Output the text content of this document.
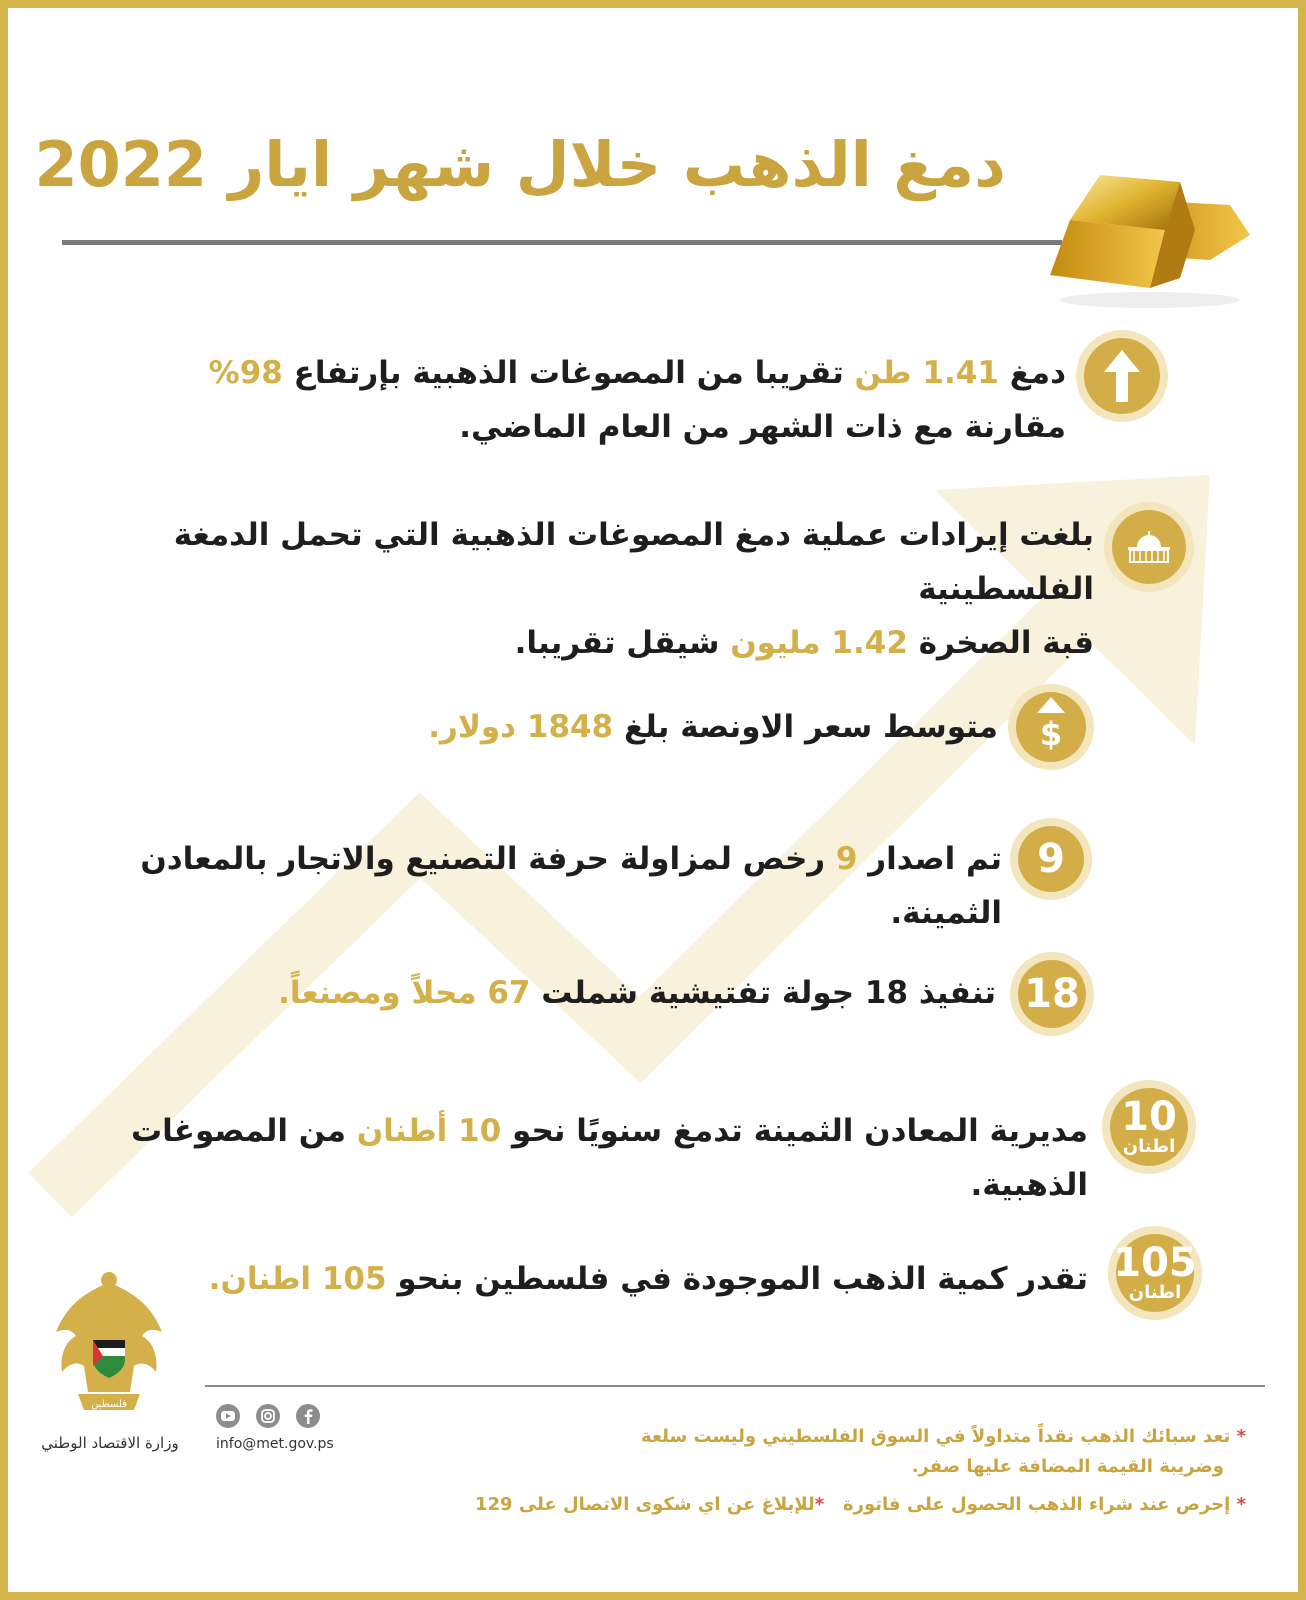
دمغ الذهب خلال شهر ايار 2022
دمغ 1.41 طن تقريبا من المصوغات الذهبية بإرتفاع 98%
مقارنة مع ذات الشهر من العام الماضي.
بلغت إيرادات عملية دمغ المصوغات الذهبية التي تحمل الدمغة الفلسطينية
قبة الصخرة 1.42 مليون شيقل تقريبا.
$
متوسط سعر الاونصة بلغ 1848 دولار.
9
تم اصدار 9 رخص لمزاولة حرفة التصنيع والاتجار بالمعادن الثمينة.
18
تنفيذ 18 جولة تفتيشية شملت 67 محلاً ومصنعاً.
10
اطنان
مديرية المعادن الثمينة تدمغ سنويًا نحو 10 أطنان من المصوغات الذهبية.
105
اطنان
تقدر كمية الذهب الموجودة في فلسطين بنحو 105 اطنان.
فلسطين
وزارة الاقتصاد الوطني	info@met.gov.ps	* تعد سبائك الذهب نقداً متداولاً في السوق الفلسطيني وليست سلعة
وضريبة القيمة المضافة عليها صفر.
* إحرص عند شراء الذهب الحصول على فاتورة   *للإبلاغ عن اي شكوى الاتصال على 129
